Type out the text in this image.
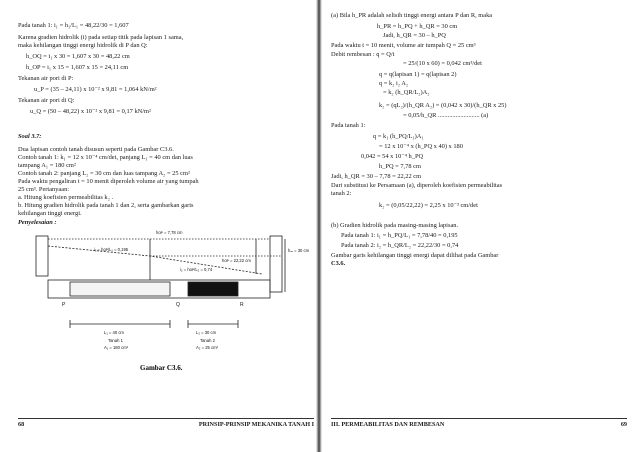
Pada tanah 1: i₁ = h₁/L₁ = 48,22/30 = 1,607
Karena gradien hidrolik (i) pada setiap titik pada lapisan 1 sama,
maka kehilangan tinggi energi hidrolik di P dan Q:
h_OQ = i₁ x 30 = 1,607 x 30 = 48,22 cm
h_OP = i₁ x 15 = 1,607 x 15 = 24,11 cm
Tekanan air pori di P:
u_P = (35 – 24,11) x 10⁻² x 9,81 = 1,064 kN/m²
Tekanan air pori di Q:
u_Q = (50 – 48,22) x 10⁻² x 9,81 = 0,17 kN/m²
Soal 3.7:
Dua lapisan contoh tanah disusun seperti pada Gambar C3.6.
Contoh tanah 1: k₁ = 12 x 10⁻⁴ cm/det, panjang L₁ = 40 cm dan luas
tampang A₁ = 180 cm²
Contoh tanah 2: panjang L₂ = 30 cm dan luas tampang A₂ = 25 cm²
Pada waktu pengaliran t = 10 menit diperoleh volume air yang tumpah
25 cm³. Pertanyaan:
a. Hitung koefisien permeabilitas k₂ .
b. Hitung gradien hidrolik pada tanah 1 dan 2, serta gambarkan garis
kehilangan tinggi energi.
Penyelesaian :
hᴏᴘ = 7,78 cm
hᴏᴘ = 22,22 cm
hₘ = 30 cm
i₁ = hᴏᴘ/L₁ = 0,195
i₂ = hᴏᴘ/L₂ = 0,74
P	Q	R
L₁ = 40 cm	L₂ = 30 cm
Tanah 1	Tanah 2
A₁ = 180 cm²	A₂ = 25 cm²
Gambar C3.6.
68	PRINSIP-PRINSIP MEKANIKA TANAH I
(a) Bila h_PR adalah selisih tinggi energi antara P dan R, maka
h_PR = h_PQ + h_QR = 30 cm
Jadi, h_QR = 30 – h_PQ
Pada waktu t = 10 menit, volume air tumpah Q = 25 cm³
Debit rembesan : q = Q/t
= 25/(10 x 60) = 0,042 cm³/det
q = q(lapisan 1) = q(lapisan 2)
q = k₂ i₂ A₂
= k₂ (h_QR/L₂)A₂
k₂ = (qL₂)/(h_QR A₂) = (0,042 x 30)/(h_QR x 25)
= 0,05/h_QR .......................... (a)
Pada tanah 1:
q = k₁ (h_PQ/L₁)A₁
= 12 x 10⁻⁴ x (h_PQ x 40) x 180
0,042 = 54 x 10⁻⁴ h_PQ
h_PQ = 7,78 cm
Jadi, h_QR = 30 – 7,78 = 22,22 cm
Dari substitusi ke Persamaan (a), diperoleh koefisien permeabilitas
tanah 2:
k₂ = (0,05/22,22) = 2,25 x 10⁻³ cm/det
(b) Gradien hidrolik pada masing-masing lapisan.
Pada tanah 1: i₁ = h_PQ/L₁ = 7,78/40 = 0,195
Pada tanah 2: i₂ = h_QR/L₂ = 22,22/30 = 0,74
Gambar garis kehilangan tinggi energi dapat dilihat pada Gambar
C3.6.
III. PERMEABILITAS DAN REMBESAN	69
